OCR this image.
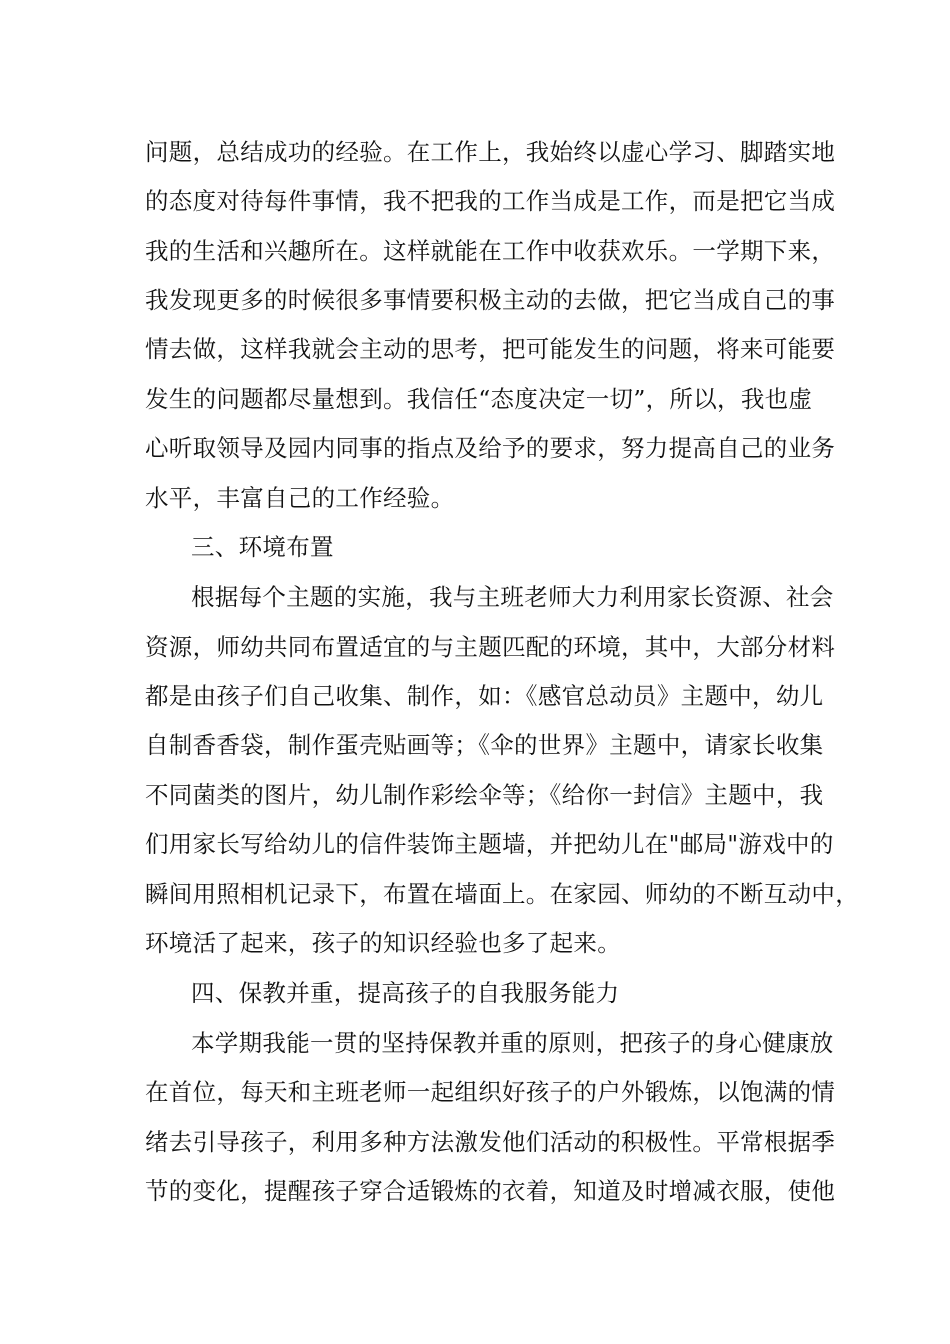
问题，总结成功的经验。在工作上，我始终以虚心学习、脚踏实地
的态度对待每件事情，我不把我的工作当成是工作，而是把它当成
我的生活和兴趣所在。这样就能在工作中收获欢乐。一学期下来，
我发现更多的时候很多事情要积极主动的去做，把它当成自己的事
情去做，这样我就会主动的思考，把可能发生的问题，将来可能要
发生的问题都尽量想到。我信任“态度决定一切”，所以，我也虚
心听取领导及园内同事的指点及给予的要求，努力提高自己的业务
水平，丰富自己的工作经验。
三、环境布置
根据每个主题的实施，我与主班老师大力利用家长资源、社会
资源，师幼共同布置适宜的与主题匹配的环境，其中，大部分材料
都是由孩子们自己收集、制作，如：《感官总动员》主题中，幼儿
自制香香袋，制作蛋壳贴画等；《伞的世界》主题中，请家长收集
不同菌类的图片，幼儿制作彩绘伞等；《给你一封信》主题中，我
们用家长写给幼儿的信件装饰主题墙，并把幼儿在"邮局"游戏中的
瞬间用照相机记录下，布置在墙面上。在家园、师幼的不断互动中，
环境活了起来，孩子的知识经验也多了起来。
四、保教并重，提高孩子的自我服务能力
本学期我能一贯的坚持保教并重的原则，把孩子的身心健康放
在首位，每天和主班老师一起组织好孩子的户外锻炼，以饱满的情
绪去引导孩子，利用多种方法激发他们活动的积极性。平常根据季
节的变化，提醒孩子穿合适锻炼的衣着，知道及时增减衣服，使他
